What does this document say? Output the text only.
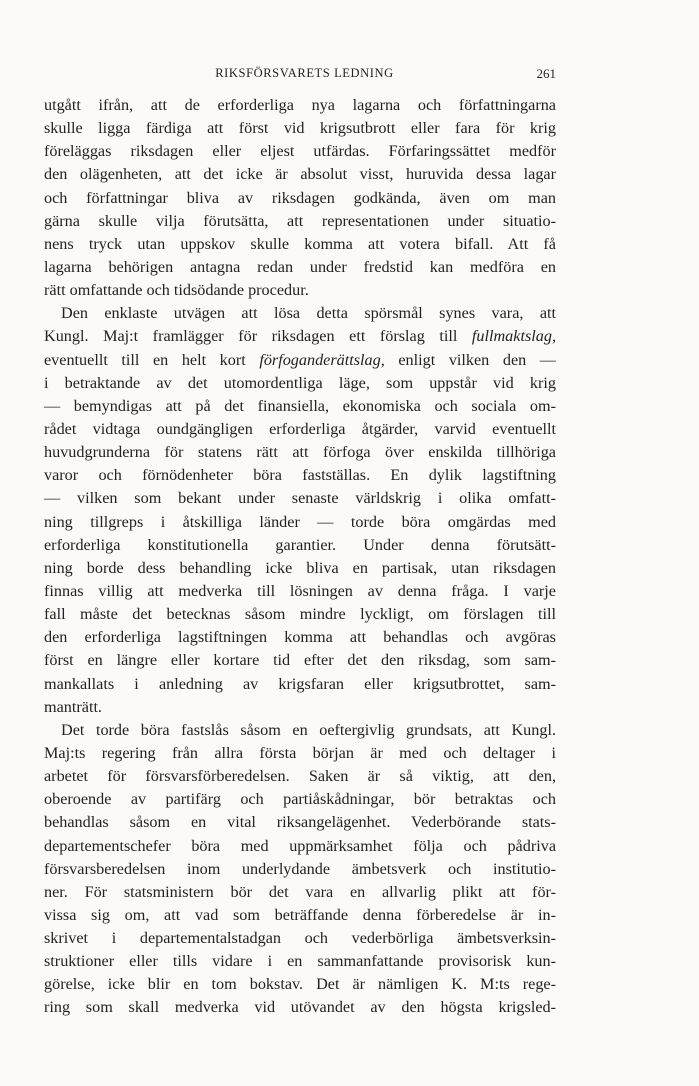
RIKSFÖRSVARETS LEDNING	261
utgått ifrån, att de erforderliga nya lagarna och författningarna
skulle ligga färdiga att först vid krigsutbrott eller fara för krig
föreläggas riksdagen eller eljest utfärdas. Förfaringssättet medför
den olägenheten, att det icke är absolut visst, huruvida dessa lagar
och författningar bliva av riksdagen godkända, även om man
gärna skulle vilja förutsätta, att representationen under situatio-
nens tryck utan uppskov skulle komma att votera bifall. Att få
lagarna behörigen antagna redan under fredstid kan medföra en
rätt omfattande och tidsödande procedur.
Den enklaste utvägen att lösa detta spörsmål synes vara, att
Kungl. Maj:t framlägger för riksdagen ett förslag till fullmaktslag,
eventuellt till en helt kort förfoganderättslag, enligt vilken den —
i betraktande av det utomordentliga läge, som uppstår vid krig
— bemyndigas att på det finansiella, ekonomiska och sociala om-
rådet vidtaga oundgängligen erforderliga åtgärder, varvid eventuellt
huvudgrunderna för statens rätt att förfoga över enskilda tillhöriga
varor och förnödenheter böra fastställas. En dylik lagstiftning
— vilken som bekant under senaste världskrig i olika omfatt-
ning tillgreps i åtskilliga länder — torde böra omgärdas med
erforderliga konstitutionella garantier. Under denna förutsätt-
ning borde dess behandling icke bliva en partisak, utan riksdagen
finnas villig att medverka till lösningen av denna fråga. I varje
fall måste det betecknas såsom mindre lyckligt, om förslagen till
den erforderliga lagstiftningen komma att behandlas och avgöras
först en längre eller kortare tid efter det den riksdag, som sam-
mankallats i anledning av krigsfaran eller krigsutbrottet, sam-
manträtt.
Det torde böra fastslås såsom en oeftergivlig grundsats, att Kungl.
Maj:ts regering från allra första början är med och deltager i
arbetet för försvarsförberedelsen. Saken är så viktig, att den,
oberoende av partifärg och partiåskådningar, bör betraktas och
behandlas såsom en vital riksangelägenhet. Vederbörande stats-
departementschefer böra med uppmärksamhet följa och pådriva
försvarsberedelsen inom underlydande ämbetsverk och institutio-
ner. För statsministern bör det vara en allvarlig plikt att för-
vissa sig om, att vad som beträffande denna förberedelse är in-
skrivet i departementalstadgan och vederbörliga ämbetsverksin-
struktioner eller tills vidare i en sammanfattande provisorisk kun-
görelse, icke blir en tom bokstav. Det är nämligen K. M:ts rege-
ring som skall medverka vid utövandet av den högsta krigsled-
